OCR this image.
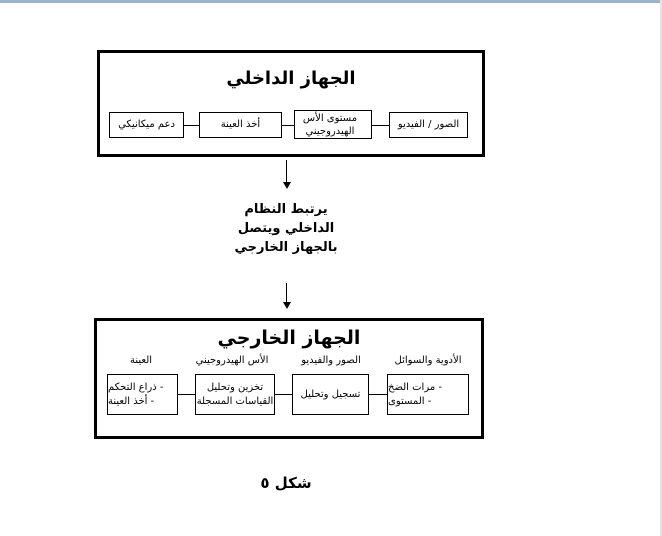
الجهاز الداخلي
الصور / الفيديو
مستوى الأس الهيدروجيني
أخذ العينة
دعم ميكانيكي
يرتبط النظام
الداخلي ويتصل
بالجهاز الخارجي
الجهاز الخارجي
الأدوية والسوائل
الصور والفيديو
الأس الهيدروجيني
العينة
- مرات الضخ
- المستوى
تسجيل وتحليل
تخزين وتحليل
القياسات المسجلة
- ذراع التحكم
- أخذ العينة
شكل ٥
